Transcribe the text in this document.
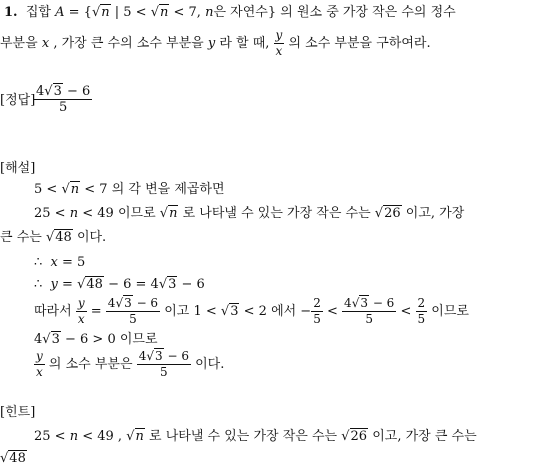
1. 집합 A = {√n | 5 < √n < 7, n은 자연수} 의 원소 중 가장 작은 수의 정수
부분을 x , 가장 큰 수의 소수 부분을 y 라 할 때, $\frac{y}{x}$ 의 소수 부분을 구하여라.
[정답]
$\frac{4√3 - 6}{5}$
[해설]
5 < √n < 7 의 각 변을 제곱하면
25 < n < 49 이므로 √n 로 나타낼 수 있는 가장 작은 수는 √26 이고, 가장
큰 수는 √48 이다.
∴ x = 5
∴ y = √48 − 6 = 4√3 − 6
따라서 $\frac{y}{x} = \frac{4√3 - 6}{5}$ 이고 1 < √3 < 2 에서 − $\frac{2}{5} < \frac{4√3 - 6}{5} < \frac{2}{5}$ 이므로
4√3 − 6 > 0 이므로
$\frac{y}{x}$ 의 소수 부분은 $\frac{4√3 - 6}{5}$ 이다.
[힌트]
25 < n < 49 , √n 로 나타낼 수 있는 가장 작은 수는 √26 이고, 가장 큰 수는
√48
